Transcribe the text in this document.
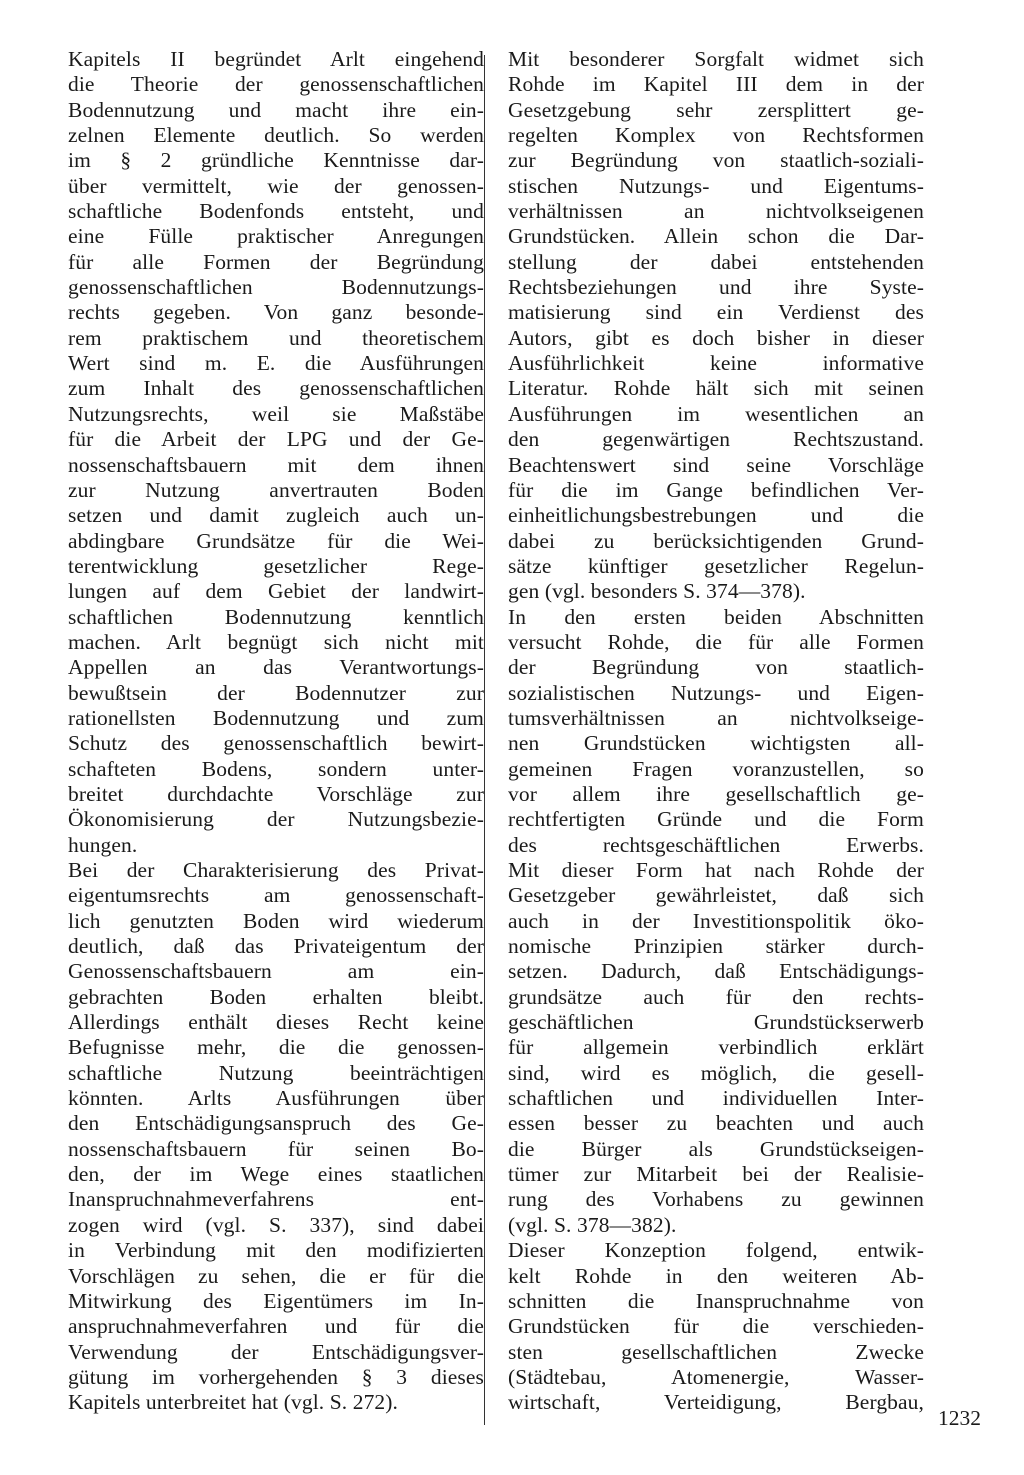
Kapitels II begründet Arlt eingehend
die Theorie der genossenschaftlichen
Bodennutzung und macht ihre ein-
zelnen Elemente deutlich. So werden
im § 2 gründliche Kenntnisse dar-
über vermittelt, wie der genossen-
schaftliche Bodenfonds entsteht, und
eine Fülle praktischer Anregungen
für alle Formen der Begründung
genossenschaftlichen Bodennutzungs-
rechts gegeben. Von ganz besonde-
rem praktischem und theoretischem
Wert sind m. E. die Ausführungen
zum Inhalt des genossenschaftlichen
Nutzungsrechts, weil sie Maßstäbe
für die Arbeit der LPG und der Ge-
nossenschaftsbauern mit dem ihnen
zur Nutzung anvertrauten Boden
setzen und damit zugleich auch un-
abdingbare Grundsätze für die Wei-
terentwicklung gesetzlicher Rege-
lungen auf dem Gebiet der landwirt-
schaftlichen Bodennutzung kenntlich
machen. Arlt begnügt sich nicht mit
Appellen an das Verantwortungs-
bewußtsein der Bodennutzer zur
rationellsten Bodennutzung und zum
Schutz des genossenschaftlich bewirt-
schafteten Bodens, sondern unter-
breitet durchdachte Vorschläge zur
Ökonomisierung der Nutzungsbezie-
hungen.
Bei der Charakterisierung des Privat-
eigentumsrechts am genossenschaft-
lich genutzten Boden wird wiederum
deutlich, daß das Privateigentum der
Genossenschaftsbauern am ein-
gebrachten Boden erhalten bleibt.
Allerdings enthält dieses Recht keine
Befugnisse mehr, die die genossen-
schaftliche Nutzung beeinträchtigen
könnten. Arlts Ausführungen über
den Entschädigungsanspruch des Ge-
nossenschaftsbauern für seinen Bo-
den, der im Wege eines staatlichen
Inanspruchnahmeverfahrens ent-
zogen wird (vgl. S. 337), sind dabei
in Verbindung mit den modifizierten
Vorschlägen zu sehen, die er für die
Mitwirkung des Eigentümers im In-
anspruchnahmeverfahren und für die
Verwendung der Entschädigungsver-
gütung im vorhergehenden § 3 dieses
Kapitels unterbreitet hat (vgl. S. 272).
Mit besonderer Sorgfalt widmet sich
Rohde im Kapitel III dem in der
Gesetzgebung sehr zersplittert ge-
regelten Komplex von Rechtsformen
zur Begründung von staatlich-soziali-
stischen Nutzungs- und Eigentums-
verhältnissen an nichtvolkseigenen
Grundstücken. Allein schon die Dar-
stellung der dabei entstehenden
Rechtsbeziehungen und ihre Syste-
matisierung sind ein Verdienst des
Autors, gibt es doch bisher in dieser
Ausführlichkeit keine informative
Literatur. Rohde hält sich mit seinen
Ausführungen im wesentlichen an
den gegenwärtigen Rechtszustand.
Beachtenswert sind seine Vorschläge
für die im Gange befindlichen Ver-
einheitlichungsbestrebungen und die
dabei zu berücksichtigenden Grund-
sätze künftiger gesetzlicher Regelun-
gen (vgl. besonders S. 374—378).
In den ersten beiden Abschnitten
versucht Rohde, die für alle Formen
der Begründung von staatlich-
sozialistischen Nutzungs- und Eigen-
tumsverhältnissen an nichtvolkseige-
nen Grundstücken wichtigsten all-
gemeinen Fragen voranzustellen, so
vor allem ihre gesellschaftlich ge-
rechtfertigten Gründe und die Form
des rechtsgeschäftlichen Erwerbs.
Mit dieser Form hat nach Rohde der
Gesetzgeber gewährleistet, daß sich
auch in der Investitionspolitik öko-
nomische Prinzipien stärker durch-
setzen. Dadurch, daß Entschädigungs-
grundsätze auch für den rechts-
geschäftlichen Grundstückserwerb
für allgemein verbindlich erklärt
sind, wird es möglich, die gesell-
schaftlichen und individuellen Inter-
essen besser zu beachten und auch
die Bürger als Grundstückseigen-
tümer zur Mitarbeit bei der Realisie-
rung des Vorhabens zu gewinnen
(vgl. S. 378—382).
Dieser Konzeption folgend, entwik-
kelt Rohde in den weiteren Ab-
schnitten die Inanspruchnahme von
Grundstücken für die verschieden-
sten gesellschaftlichen Zwecke
(Städtebau, Atomenergie, Wasser-
wirtschaft, Verteidigung, Bergbau,
1232
